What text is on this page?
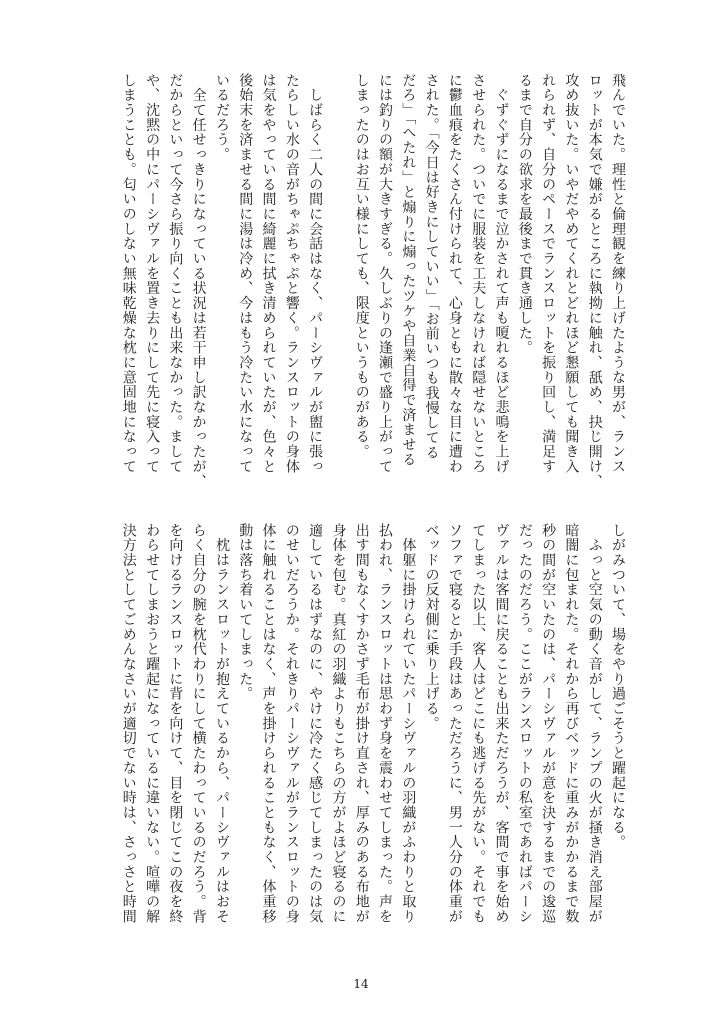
飛んでいた。理性と倫理観を練り上げたような男が、ランス
ロットが本気で嫌がるところに執拗に触れ、舐め、抉じ開け、
攻め抜いた。いやだやめてくれとどれほど懇願しても聞き入
れられず、自分のペースでランスロットを振り回し、満足す
るまで自分の欲求を最後まで貫き通した。
　ぐずぐずになるまで泣かされて声も嗄れるほど悲鳴を上げ
させられた。ついでに服装を工夫しなければ隠せないところ
に鬱血痕をたくさん付けられて、心身ともに散々な目に遭わ
された。「今日は好きにしていい」「お前いつも我慢してる
だろ」「へたれ」と煽りに煽ったツケや自業自得で済ませる
には釣りの額が大きすぎる。久しぶりの逢瀬で盛り上がって
しまったのはお互い様にしても、限度というものがある。
　しばらく二人の間に会話はなく、パーシヴァルが盥に張っ
たらしい水の音がちゃぷちゃぷと響く。ランスロットの身体
は気をやっている間に綺麗に拭き清められていたが、色々と
後始末を済ませる間に湯は冷め、今はもう冷たい水になって
いるだろう。
　全て任せっきりになっている状況は若干申し訳なかったが、
だからといって今さら振り向くことも出来なかった。まして
や、沈黙の中にパーシヴァルを置き去りにして先に寝入って
しまうことも。匂いのしない無味乾燥な枕に意固地になって
しがみついて、場をやり過ごそうと躍起になる。
　ふっと空気の動く音がして、ランプの火が掻き消え部屋が
暗闇に包まれた。それから再びベッドに重みがかかるまで数
秒の間が空いたのは、パーシヴァルが意を決するまでの逡巡
だったのだろう。ここがランスロットの私室であればパーシ
ヴァルは客間に戻ることも出来ただろうが、客間で事を始め
てしまった以上、客人はどこにも逃げる先がない。それでも
ソファで寝るとか手段はあっただろうに、男一人分の体重が
ベッドの反対側に乗り上げる。
　体躯に掛けられていたパーシヴァルの羽織がふわりと取り
払われ、ランスロットは思わず身を震わせてしまった。声を
出す間もなくすかさず毛布が掛け直され、厚みのある布地が
身体を包む。真紅の羽織よりもこちらの方がよほど寝るのに
適しているはずなのに、やけに冷たく感じてしまったのは気
のせいだろうか。それきりパーシヴァルがランスロットの身
体に触れることはなく、声を掛けられることもなく、体重移
動は落ち着いてしまった。
　枕はランスロットが抱えているから、パーシヴァルはおそ
らく自分の腕を枕代わりにして横たわっているのだろう。背
を向けるランスロットに背を向けて、目を閉じてこの夜を終
わらせてしまおうと躍起になっているに違いない。喧嘩の解
決方法としてごめんなさいが適切でない時は、さっさと時間
14
